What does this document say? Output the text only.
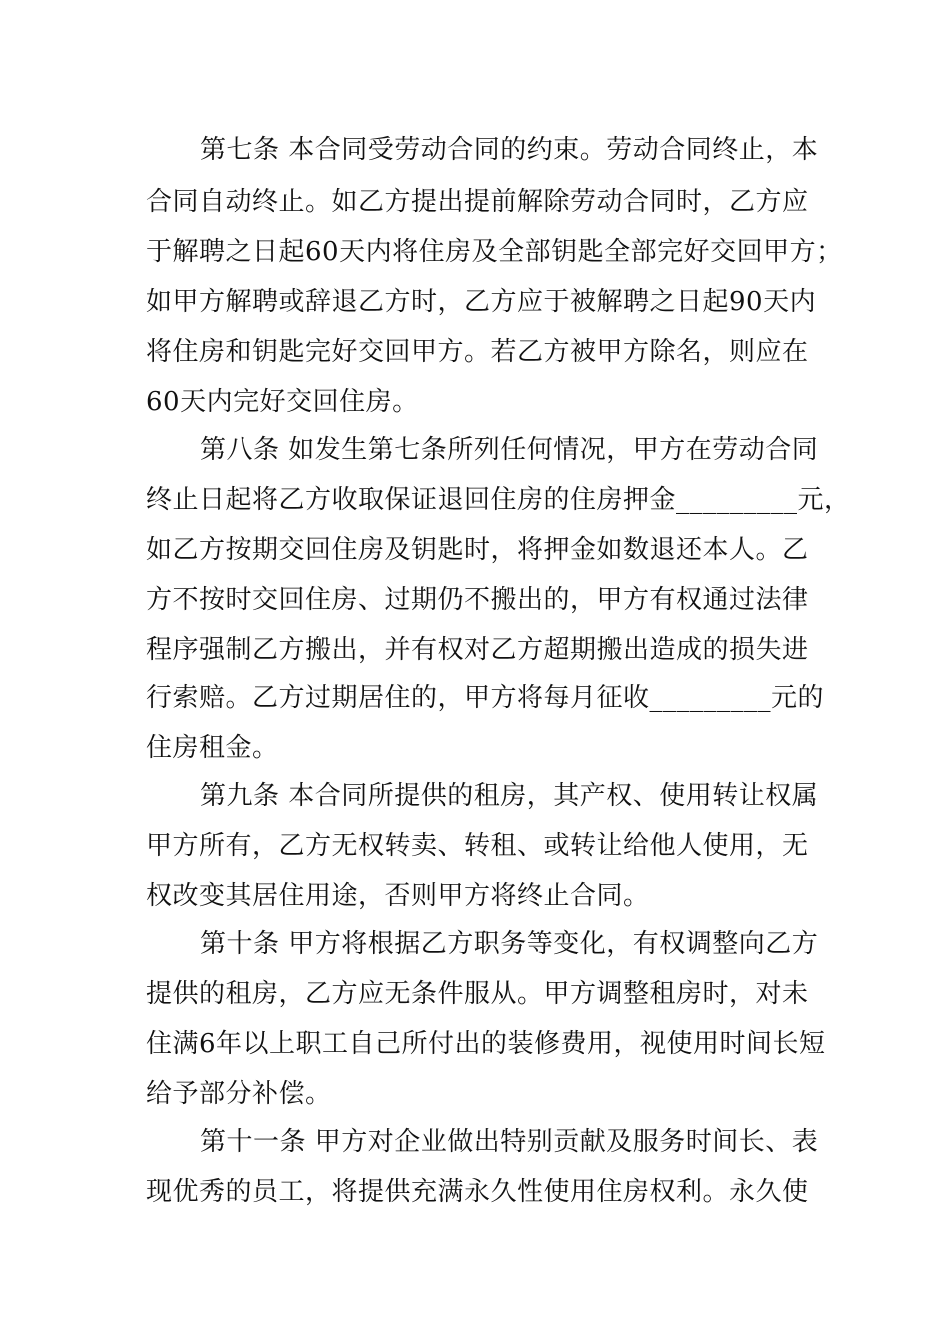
第七条 本合同受劳动合同的约束。劳动合同终止，本
合同自动终止。如乙方提出提前解除劳动合同时，乙方应
于解聘之日起60天内将住房及全部钥匙全部完好交回甲方；
如甲方解聘或辞退乙方时，乙方应于被解聘之日起90天内
将住房和钥匙完好交回甲方。若乙方被甲方除名，则应在
60天内完好交回住房。
第八条 如发生第七条所列任何情况，甲方在劳动合同
终止日起将乙方收取保证退回住房的住房押金_________元，
如乙方按期交回住房及钥匙时，将押金如数退还本人。乙
方不按时交回住房、过期仍不搬出的，甲方有权通过法律
程序强制乙方搬出，并有权对乙方超期搬出造成的损失进
行索赔。乙方过期居住的，甲方将每月征收_________元的
住房租金。
第九条 本合同所提供的租房，其产权、使用转让权属
甲方所有，乙方无权转卖、转租、或转让给他人使用，无
权改变其居住用途，否则甲方将终止合同。
第十条 甲方将根据乙方职务等变化，有权调整向乙方
提供的租房，乙方应无条件服从。甲方调整租房时，对未
住满6年以上职工自己所付出的装修费用，视使用时间长短
给予部分补偿。
第十一条 甲方对企业做出特别贡献及服务时间长、表
现优秀的员工，将提供充满永久性使用住房权利。永久使
